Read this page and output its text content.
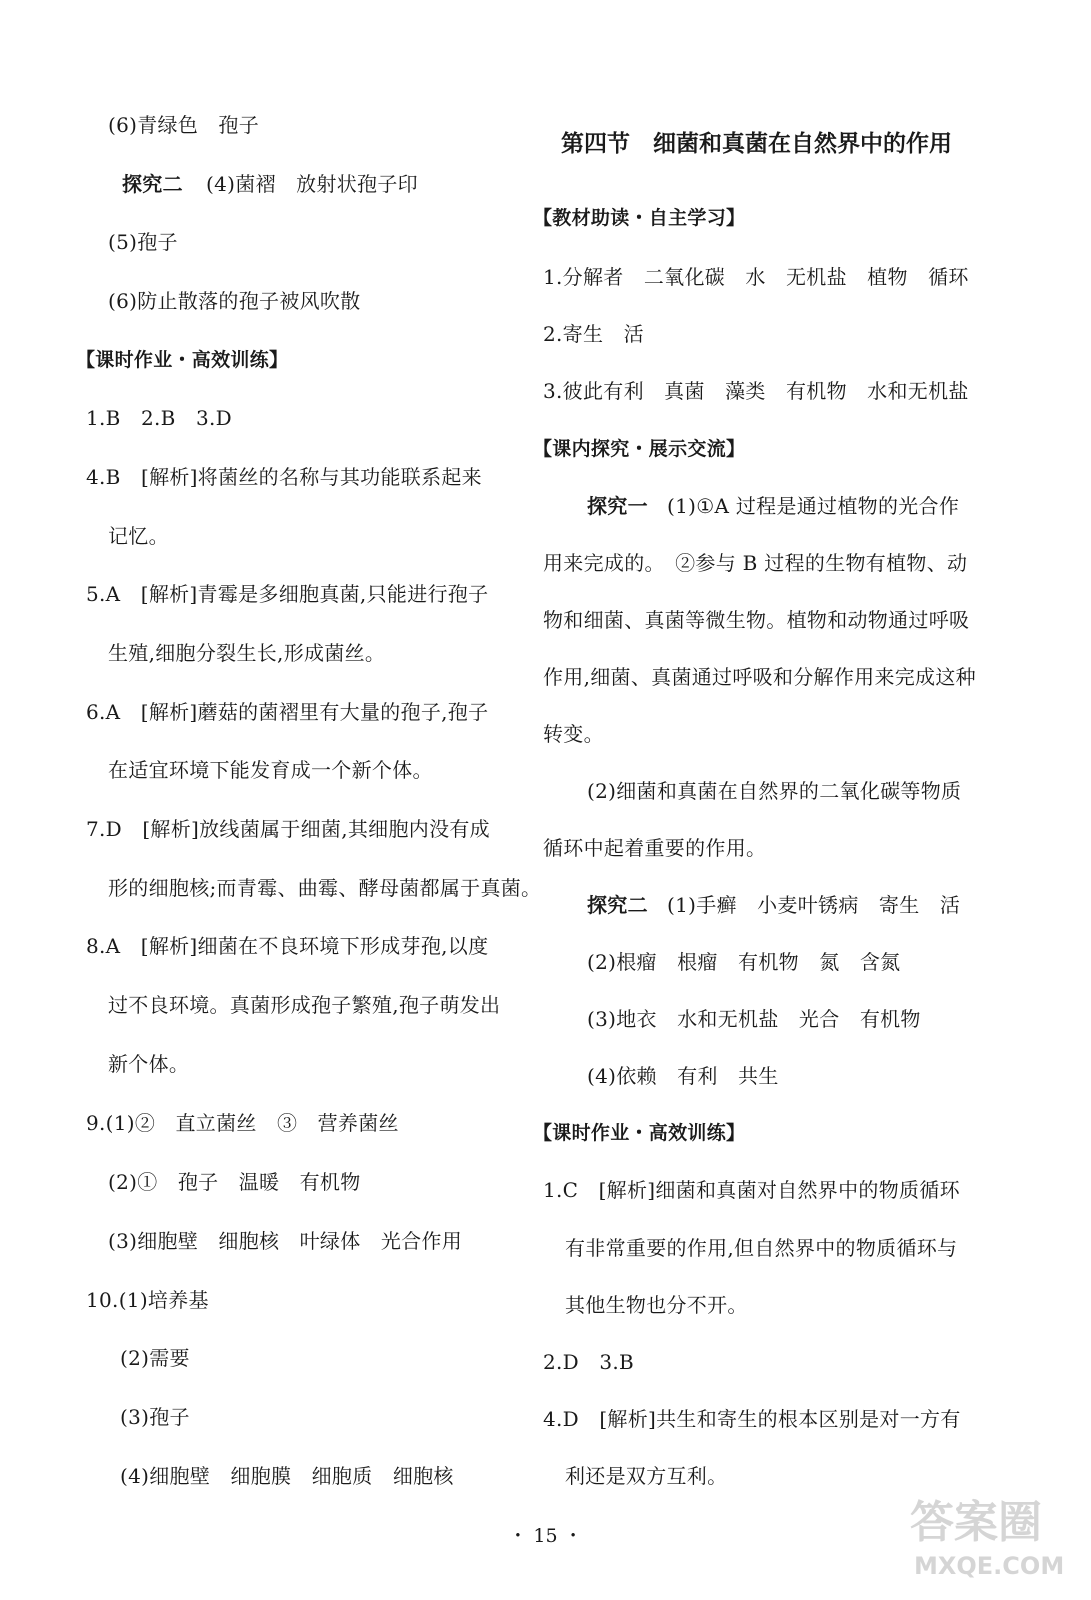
(6)青绿色　孢子
探究二 (4)菌褶　放射状孢子印
(5)孢子
(6)防止散落的孢子被风吹散
【课时作业・高效训练】
1.B　2.B　3.D
4.B　[解析]将菌丝的名称与其功能联系起来
记忆。
5.A　[解析]青霉是多细胞真菌,只能进行孢子
生殖,细胞分裂生长,形成菌丝。
6.A　[解析]蘑菇的菌褶里有大量的孢子,孢子
在适宜环境下能发育成一个新个体。
7.D　[解析]放线菌属于细菌,其细胞内没有成
形的细胞核;而青霉、曲霉、酵母菌都属于真菌。
8.A　[解析]细菌在不良环境下形成芽孢,以度
过不良环境。真菌形成孢子繁殖,孢子萌发出
新个体。
9.(1)②　直立菌丝　③　营养菌丝
(2)①　孢子　温暖　有机物
(3)细胞壁　细胞核　叶绿体　光合作用
10.(1)培养基
(2)需要
(3)孢子
(4)细胞壁　细胞膜　细胞质　细胞核
第四节　细菌和真菌在自然界中的作用
【教材助读・自主学习】
1.分解者　二氧化碳　水　无机盐　植物　循环
2.寄生　活
3.彼此有利　真菌　藻类　有机物　水和无机盐
【课内探究・展示交流】
探究一 (1)①A 过程是通过植物的光合作
用来完成的。　②参与 B 过程的生物有植物、动
物和细菌、真菌等微生物。植物和动物通过呼吸
作用,细菌、真菌通过呼吸和分解作用来完成这种
转变。
(2)细菌和真菌在自然界的二氧化碳等物质
循环中起着重要的作用。
探究二 (1)手癣　小麦叶锈病　寄生　活
(2)根瘤　根瘤　有机物　氮　含氮
(3)地衣　水和无机盐　光合　有机物
(4)依赖　有利　共生
【课时作业・高效训练】
1.C　[解析]细菌和真菌对自然界中的物质循环
有非常重要的作用,但自然界中的物质循环与
其他生物也分不开。
2.D　3.B
4.D　[解析]共生和寄生的根本区别是对一方有
利还是双方互利。
・ 15 ・	答案圈
MXQE.COM
